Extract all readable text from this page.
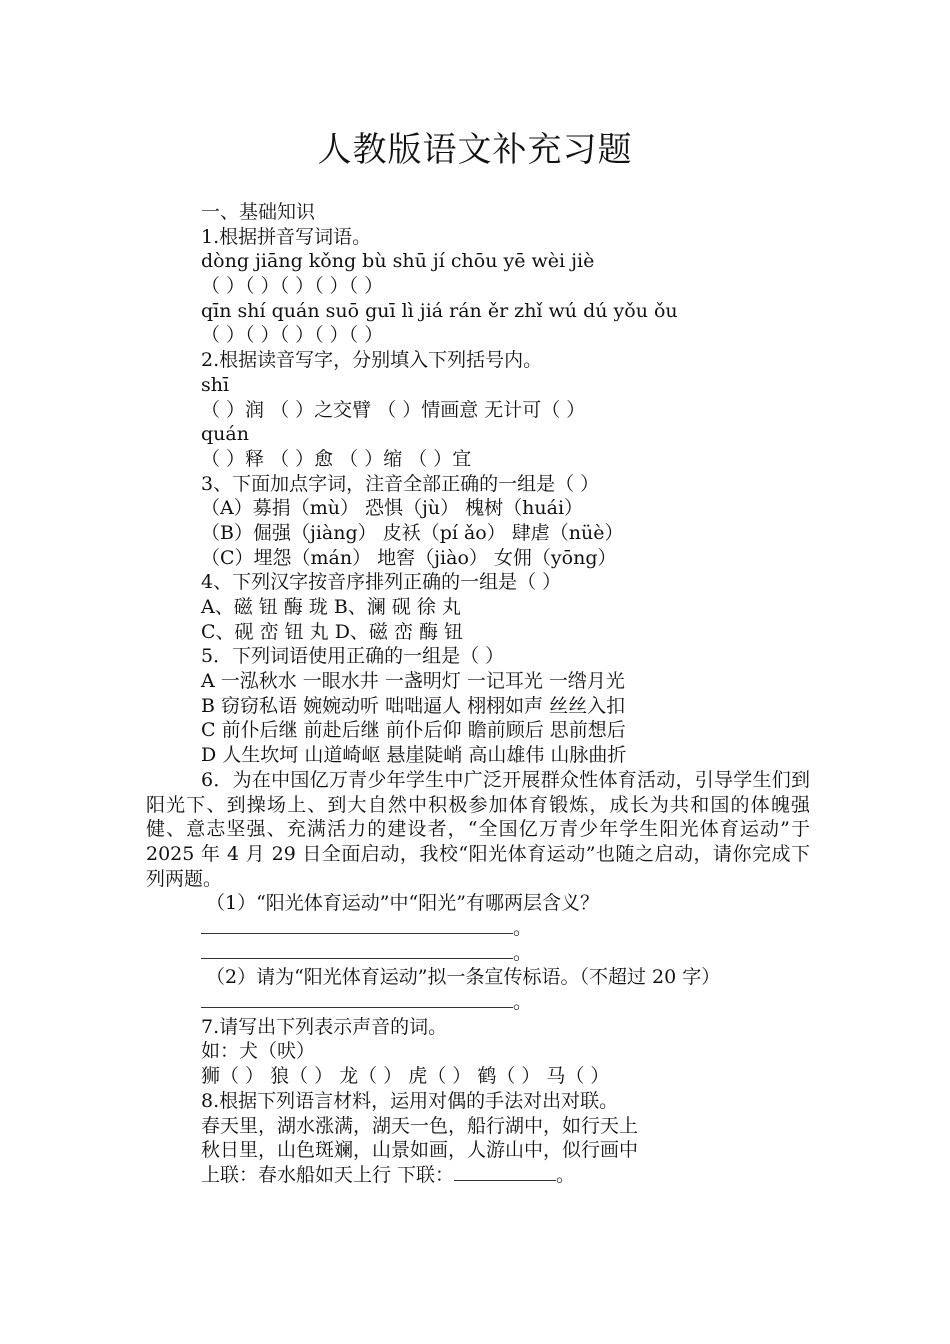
人教版语文补充习题
一、基础知识
1.根据拼音写词语。
dòng jiāng kǒng bù shū jí chōu yē wèi jiè
（ ）（ ）（ ）（ ）（ ）
qīn shí quán suō guī lì jiá rán ěr zhǐ wú dú yǒu ǒu
（ ）（ ）（ ）（ ）（ ）
2.根据读音写字，分别填入下列括号内。
shī
（ ）润 （ ）之交臂 （ ）情画意 无计可（ ）
quán
（ ）释 （ ）愈 （ ）缩 （ ）宜
3、下面加点字词，注音全部正确的一组是（ ）
（A）募捐（mù） 恐惧（jù） 槐树（huái）
（B）倔强（jiàng） 皮袄（pí ǎo） 肆虐（nüè）
（C）埋怨（mán） 地窖（jiào） 女佣（yōng）
4、下列汉字按音序排列正确的一组是（ ）
A、磁 钮 酶 珑 B、澜 砚 徐 丸
C、砚 峦 钮 丸 D、磁 峦 酶 钮
5．下列词语使用正确的一组是（ ）
A 一泓秋水 一眼水井 一盏明灯 一记耳光 一绺月光
B 窃窃私语 婉婉动听 咄咄逼人 栩栩如声 丝丝入扣
C 前仆后继 前赴后继 前仆后仰 瞻前顾后 思前想后
D 人生坎坷 山道崎岖 悬崖陡峭 高山雄伟 山脉曲折
6．为在中国亿万青少年学生中广泛开展群众性体育活动，引导学生们到阳光下、到操场上、到大自然中积极参加体育锻炼，成长为共和国的体魄强健、意志坚强、充满活力的建设者，“全国亿万青少年学生阳光体育运动”于 2025 年 4 月 29 日全面启动，我校“阳光体育运动”也随之启动，请你完成下列两题。
（1）“阳光体育运动”中“阳光”有哪两层含义？
。
。
（2）请为“阳光体育运动”拟一条宣传标语。（不超过 20 字）
。
7.请写出下列表示声音的词。
如：犬（吠）
狮（ ） 狼（ ） 龙（ ） 虎（ ） 鹤（ ） 马（ ）
8.根据下列语言材料，运用对偶的手法对出对联。
春天里，湖水涨满，湖天一色，船行湖中，如行天上
秋日里，山色斑斓，山景如画，人游山中，似行画中
上联：春水船如天上行 下联：	。
